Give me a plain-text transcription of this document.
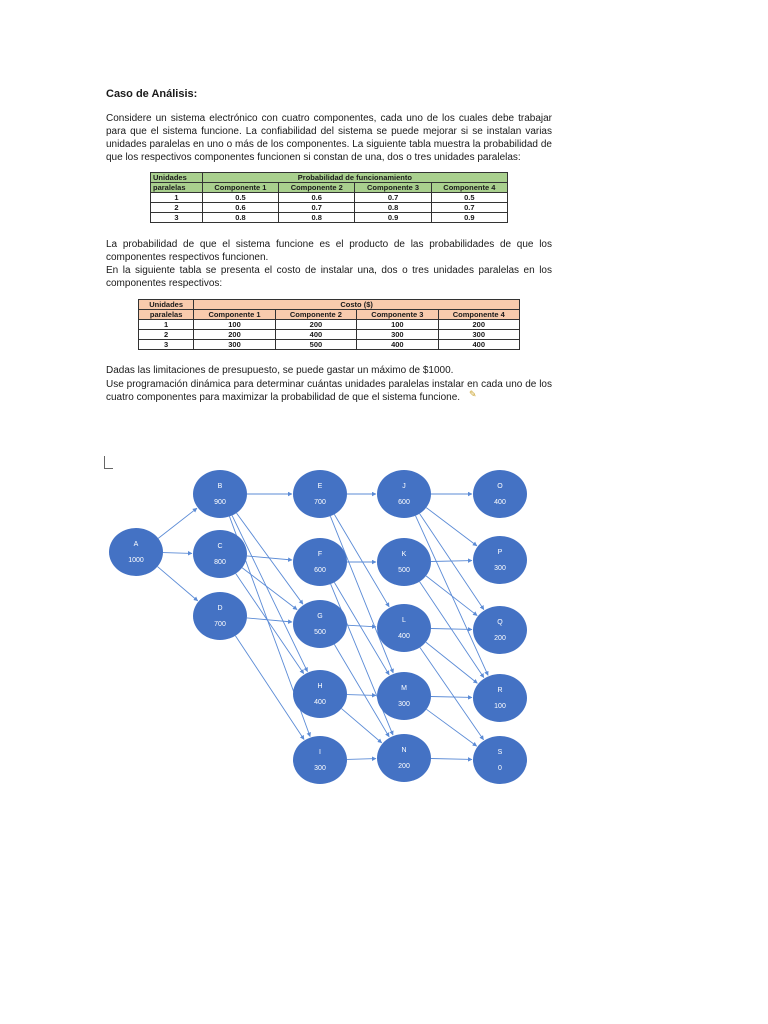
Caso de Análisis:
Considere un sistema electrónico con cuatro componentes, cada uno de los cuales debe trabajar para que el sistema funcione. La confiabilidad del sistema se puede mejorar si se instalan varias unidades paralelas en uno o más de los componentes. La siguiente tabla muestra la probabilidad de que los respectivos componentes funcionen si constan de una, dos o tres unidades paralelas:
Unidades	Probabilidad de funcionamiento			
paralelas	Componente 1	Componente 2	Componente 3	Componente 4
1	0.5	0.6	0.7	0.5
2	0.6	0.7	0.8	0.7
3	0.8	0.8	0.9	0.9
La probabilidad de que el sistema funcione es el producto de las probabilidades de que los componentes respectivos funcionen.
En la siguiente tabla se presenta el costo de instalar una, dos o tres unidades paralelas en los componentes respectivos:
Unidades	Costo ($)			
paralelas	Componente 1	Componente 2	Componente 3	Componente 4
1	100	200	100	200
2	200	400	300	300
3	300	500	400	400
Dadas las limitaciones de presupuesto, se puede gastar un máximo de $1000.
Use programación dinámica para determinar cuántas unidades paralelas instalar en cada uno de los cuatro componentes para maximizar la probabilidad de que el sistema funcione. ✎
A
1000
B
900
C
800
D
700
E
700
F
600
G
500
H
400
I
300
J
600
K
500
L
400
M
300
N
200
O
400
P
300
Q
200
R
100
S
0
